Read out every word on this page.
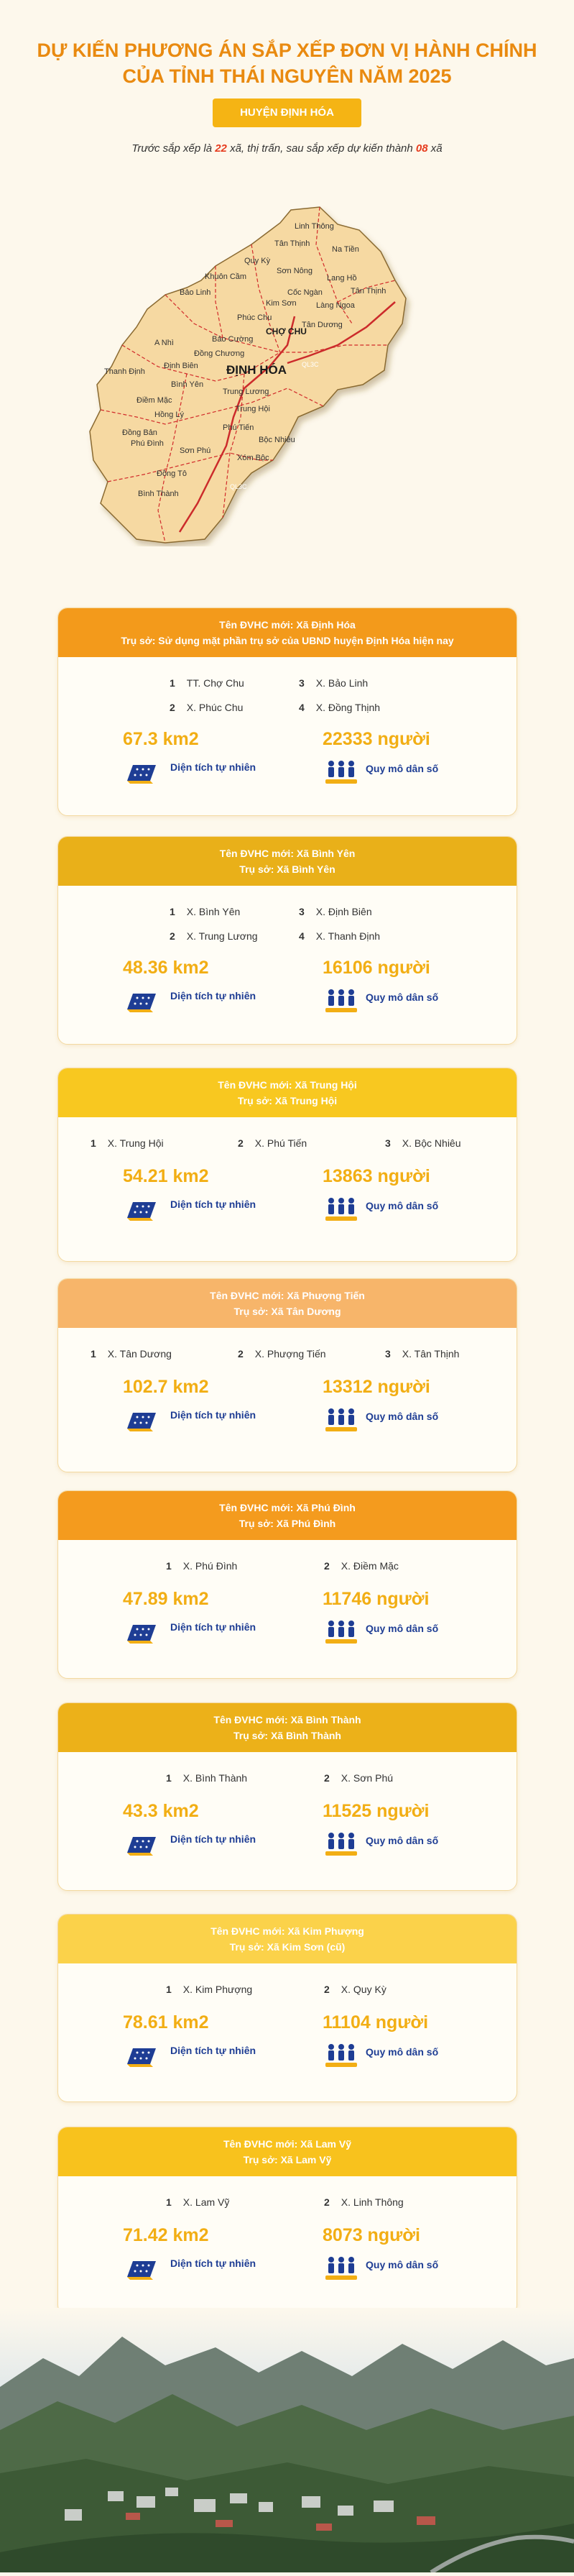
DỰ KIẾN PHƯƠNG ÁN SẮP XẾP ĐƠN VỊ HÀNH CHÍNH
CỦA TỈNH THÁI NGUYÊN NĂM 2025
HUYỆN ĐỊNH HÓA
Trước sắp xếp là 22 xã, thị trấn, sau sắp xếp dự kiến thành 08 xã
Linh Thông
Tân Thịnh
Na Tiền
Quy Kỳ
Sơn Nông
Lang Hồ
Cốc Ngàn	Tân Thịnh
Khuôn Cầm
Bảo Linh
Kim Sơn Làng Ngoa
Phúc Chu
Tân Dương
A Nhì	Bảo Cường
CHỢ CHU
Đồng Chương
Định Biên ĐỊNH HÓA
Thanh Định
Bình Yên
Trung Lương
Trung Hội
Điềm Mặc
Phú Tiến
Bộc Nhiêu
Đồng Bản
Phú Đình
Sơn Phú
Đồng Tô
Bình Thành
QL3C
QL3C
Hồng Lý
Xóm Bộc
Tên ĐVHC mới: Xã Định Hóa
Trụ sở: Sử dụng mặt phần trụ sở của UBND huyện Định Hóa hiện nay
1 TT. Chợ Chu	3 X. Bảo Linh
2 X. Phúc Chu	4 X. Đồng Thịnh
67.3 km2	22333 người
Diện tích tự nhiên	Quy mô dân số
Tên ĐVHC mới: Xã Bình Yên
Trụ sở: Xã Bình Yên
1 X. Bình Yên	3 X. Định Biên
2 X. Trung Lương	4 X. Thanh Định
48.36 km2	16106 người
Diện tích tự nhiên	Quy mô dân số
Tên ĐVHC mới: Xã Trung Hội
Trụ sở: Xã Trung Hội
1 X. Trung Hội	2 X. Phú Tiến	3 X. Bộc Nhiêu
54.21 km2	13863 người
Diện tích tự nhiên	Quy mô dân số
Tên ĐVHC mới: Xã Phượng Tiến
Trụ sở: Xã Tân Dương
1 X. Tân Dương	2 X. Phượng Tiến	3 X. Tân Thịnh
102.7 km2	13312 người
Diện tích tự nhiên	Quy mô dân số
Tên ĐVHC mới: Xã Phú Đình
Trụ sở: Xã Phú Đình
1 X. Phú Đình	2 X. Điềm Mặc
47.89 km2	11746 người
Diện tích tự nhiên	Quy mô dân số
Tên ĐVHC mới: Xã Bình Thành
Trụ sở: Xã Bình Thành
1 X. Bình Thành	2 X. Sơn Phú
43.3 km2	11525 người
Diện tích tự nhiên	Quy mô dân số
Tên ĐVHC mới: Xã Kim Phượng
Trụ sở: Xã Kim Sơn (cũ)
1 X. Kim Phượng	2 X. Quy Kỳ
78.61 km2	11104 người
Diện tích tự nhiên	Quy mô dân số
Tên ĐVHC mới: Xã Lam Vỹ
Trụ sở: Xã Lam Vỹ
1 X. Lam Vỹ	2 X. Linh Thông
71.42 km2	8073 người
Diện tích tự nhiên	Quy mô dân số
